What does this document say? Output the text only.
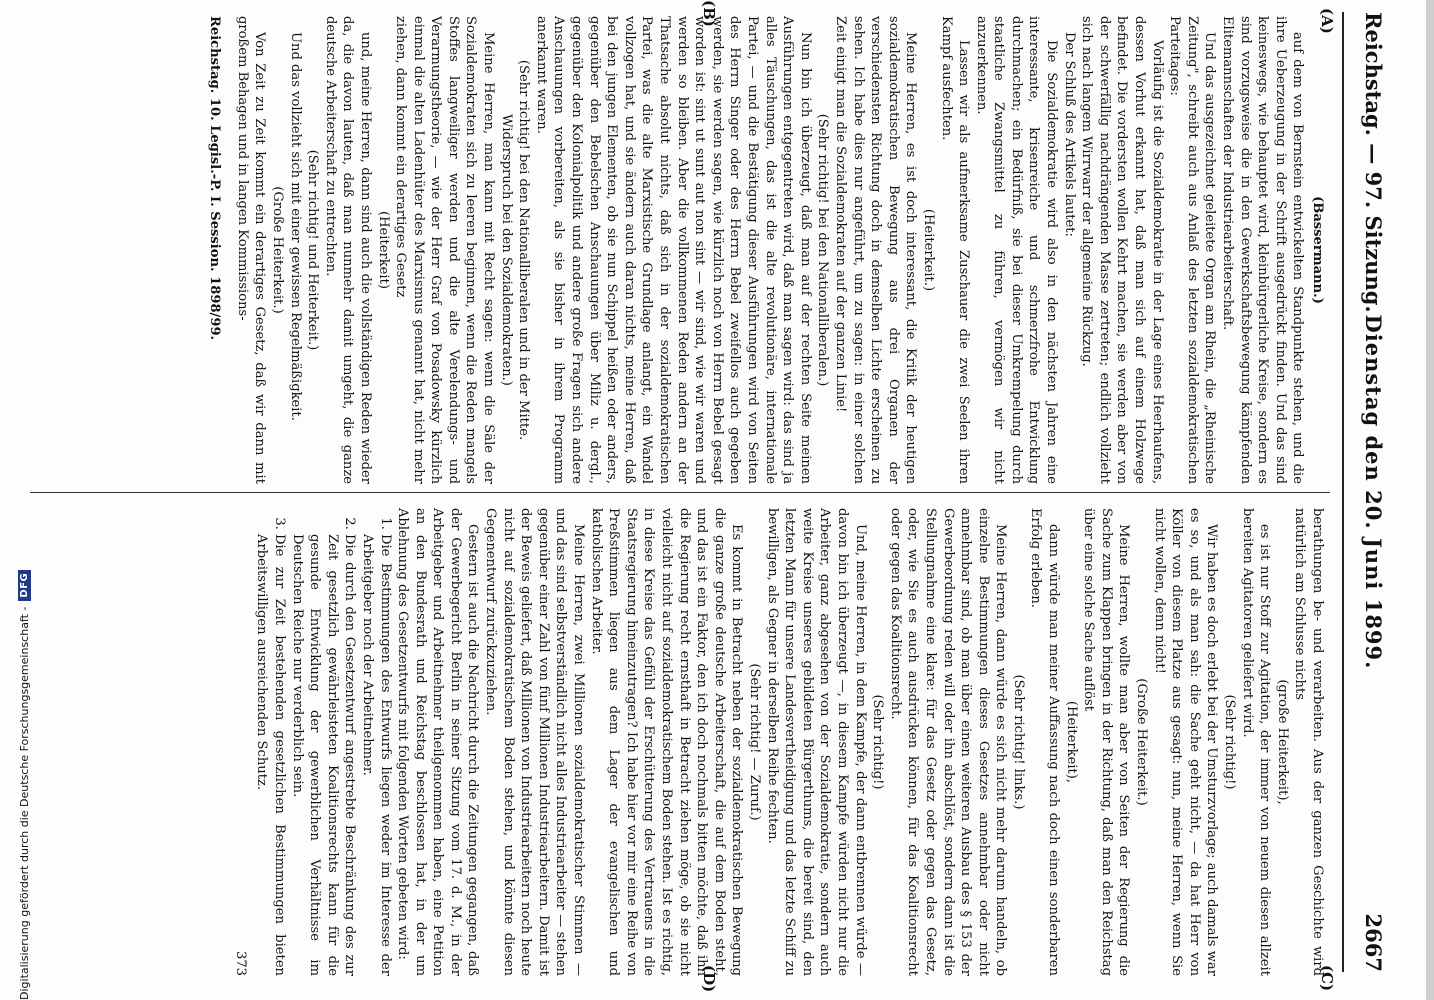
Reichstag. — 97. Sitzung.
Dienstag den 20. Juni 1899.
2667
(A)
(B)
(C)
(D)

(Bassermann.)

auf dem von Bernstein entwickelten Standpunkte stehen, und die ihre Ueberzeugung in der Schrift ausgedrückt finden. Und das sind keineswegs, wie behauptet wird, kleinbürgerliche Kreise, sondern es sind vorzugsweise die in den Gewerkschaftsbewegung kämpfenden Elitemannschaften der Industriearbeiterschaft.

Und das ausgezeichnet geleitete Organ am Rhein, die „Rheinische Zeitung", schreibt auch aus Anlaß des letzten sozialdemokratischen Parteitages:

Vorläufig ist die Sozialdemokratie in der Lage eines Heerhaufens, dessen Vorhut erkannt hat, daß man sich auf einem Holzwege befindet. Die vordersten wollen Kehrt machen, sie werden aber von der schwerfällig nachdrängenden Masse zertreten; endlich vollzieht sich nach langem Wirrwarr der allgemeine Rückzug.

Der Schluß des Artikels lautet:

Die Sozialdemokratie wird also in den nächsten Jahren eine interessante, krisenreiche und schmerzfrohe Entwicklung durchmachen; ein Bedürfniß, sie bei dieser Umkrempelung durch staatliche Zwangsmittel zu führen, vermögen wir nicht anzuerkennen.

Lassen wir als aufmerksame Zuschauer die zwei Seelen ihren Kampf ausfechten.

(Heiterkeit.)

Meine Herren, es ist doch interessant, die Kritik der heutigen sozialdemokratischen Bewegung aus drei Organen der verschiedensten Richtung doch in demselben Lichte erscheinen zu sehen. Ich habe dies nur angeführt, um zu sagen: in einer solchen Zeit einigt man die Sozialdemokraten auf der ganzen Linie!

(Sehr richtig! bei den Nationalliberalen.)

Nun bin ich überzeugt, daß man auf der rechten Seite meinen Ausführungen entgegentreten wird, daß man sagen wird: das sind ja alles Täuschungen, das ist die alte revolutionäre, internationale Partei, — und die Bestätigung dieser Ausführungen wird von Seiten des Herrn Singer oder des Herrn Bebel zweifellos auch gegeben werden, sie werden sagen, wie kürzlich noch von Herrn Bebel gesagt worden ist: sint ut sunt aut non sint — wir sind, wie wir waren und werden so bleiben. Aber die vollkommenen Reden andern an der Thatsache absolut nichts, daß sich in der sozialdemokratischen Partei, was die alte Marxistische Grundlage anlangt, ein Wandel vollzogen hat, und sie ändern auch daran nichts, meine Herren, daß bei den jungen Elementen, ob sie nun Schippel heißen oder anders, gegenüber den Bebelschen Anschauungen über Miliz u. dergl., gegenüber den Kolonialpolitik und andere große Fragen sich andere Anschauungen vorbereiten, als sie bisher in ihrem Programm anerkannt waren.

(Sehr richtig! bei den Nationalliberalen und in der Mitte. Widerspruch bei den Sozialdemokraten.)

Meine Herren, man kann mit Recht sagen: wenn die Säle der Sozialdemokraten sich zu leeren beginnen, wenn die Reden mangels Stoffes langweiliger werden und die alte Verelendungs- und Verarmungstheorie, — wie der Herr Graf von Posadowsky kürzlich einmal die alten Ladenhüter des Marxismus genannt hat, nicht mehr ziehen, dann kommt ein derartiges Gesetz

(Heiterkeit)

und, meine Herren, dann sind auch die vollständigen Reden wieder da, die davon lauten, daß man nunmehr damit umgeht, die ganze deutsche Arbeiterschaft zu entrechten.

(Sehr richtig! und Heiterkeit.)

Und das vollzieht sich mit einer gewissen Regelmäßigkeit.

(Große Heiterkeit.)

Von Zeit zu Zeit kommt ein derartiges Gesetz, daß wir dann mit großem Behagen und in langen Kommissions-

Reichstag. 10. Legisl.-P. I. Session. 1898/99.

berathungen be- und verarbeiten. Aus der ganzen Geschichte wird natürlich am Schlusse nichts

(große Heiterkeit),

es ist nur Stoff zur Agitation, der immer von neuem diesen allzeit bereiten Agitatoren geliefert wird.

(Sehr richtig!)

Wir haben es doch erlebt bei der Umsturzvorlage; auch damals war es so, und als man sah: die Sache geht nicht, — da hat Herr von Köller von diesem Platze aus gesagt: nun, meine Herren, wenn Sie nicht wollen, denn nicht!

(Große Heiterkeit.)

Meine Herren, wollte man aber von Seiten der Regierung die Sache zum Klappen bringen in der Richtung, daß man den Reichstag über eine solche Sache auflöst

(Heiterkeit),

dann würde man meiner Auffassung nach doch einen sonderbaren Erfolg erleben.

(Sehr richtig! links.)

Meine Herren, dann würde es sich nicht mehr darum handeln, ob einzelne Bestimmungen dieses Gesetzes annehmbar oder nicht annehmbar sind, ob man über einen weiteren Ausbau des § 153 der Gewerbeordnung reden will oder ihn abschlöst, sondern dann ist die Stellungnahme eine klare: für das Gesetz oder gegen das Gesetz, oder, wie Sie es auch ausdrücken können, für das Koalitionsrecht oder gegen das Koalitionsrecht.

(Sehr richtig!)

Und, meine Herren, in dem Kampfe, der dann entbrennen würde — davon bin ich überzeugt —, in diesem Kampfe würden nicht nur die Arbeiter, ganz abgesehen von der Sozialdemokratie, sondern auch weite Kreise unseres gebildeten Bürgerthums, die bereit sind, den letzten Mann für unsere Landesvertheidigung und das letzte Schiff zu bewilligen, als Gegner in derselben Reihe fechten.

(Sehr richtig! — Zuruf.)

Es kommt in Betracht neben der sozialdemokratischen Bewegung die ganze große deutsche Arbeiterschaft, die auf dem Boden steht, und das ist ein Faktor, den ich doch nochmals bitten möchte, daß ihn die Regierung recht ernsthaft in Betracht ziehen möge, ob sie nicht vielleicht nicht auf sozialdemokratischem Boden stehen. Ist es richtig, in diese Kreise das Gefühl der Erschütterung des Vertrauens in die Staatsregierung hineinzutragen? Ich habe hier vor mir eine Reihe von Preßstimmen liegen aus dem Lager der evangelischen und katholischen Arbeiter.

Meine Herren, zwei Millionen sozialdemokratischer Stimmen — und das sind selbstverständlich nicht alles Industriearbeiter — stehen gegenüber einer Zahl von fünf Millionen Industriearbeitern. Damit ist der Beweis geliefert, daß Millionen von Industriearbeitern noch heute nicht auf sozialdemokratischem Boden stehen, und könnte diesen Gegenentwurf zurückzuziehen.

Gestern ist auch die Nachricht durch die Zeitungen gegangen, daß der Gewerbegericht Berlin in seiner Sitzung vom 17. d. M., in der Arbeitgeber und Arbeitnehmer theilgenommen haben, eine Petition an den Bundesrath und Reichstag beschlossen hat, in der um Ablehnung des Gesetzentwurfs mit folgenden Worten gebeten wird:

1. Die Bestimmungen des Entwurfs liegen weder im Interesse der Arbeitgeber noch der Arbeitnehmer.
2. Die durch den Gesetzentwurf angestrebte Beschränkung des zur Zeit gesetzlich gewährleisteten Koalitionsrechts kann für die gesunde Entwicklung der gewerblichen Verhältnisse im Deutschen Reiche nur verderblich sein.
3. Die zur Zeit bestehenden gesetzlichen Bestimmungen bieten Arbeitswilligen ausreichenden Schutz.

373

Digitalisierung gefördert durch die Deutsche Forschungsgemeinschaft -
DFG
